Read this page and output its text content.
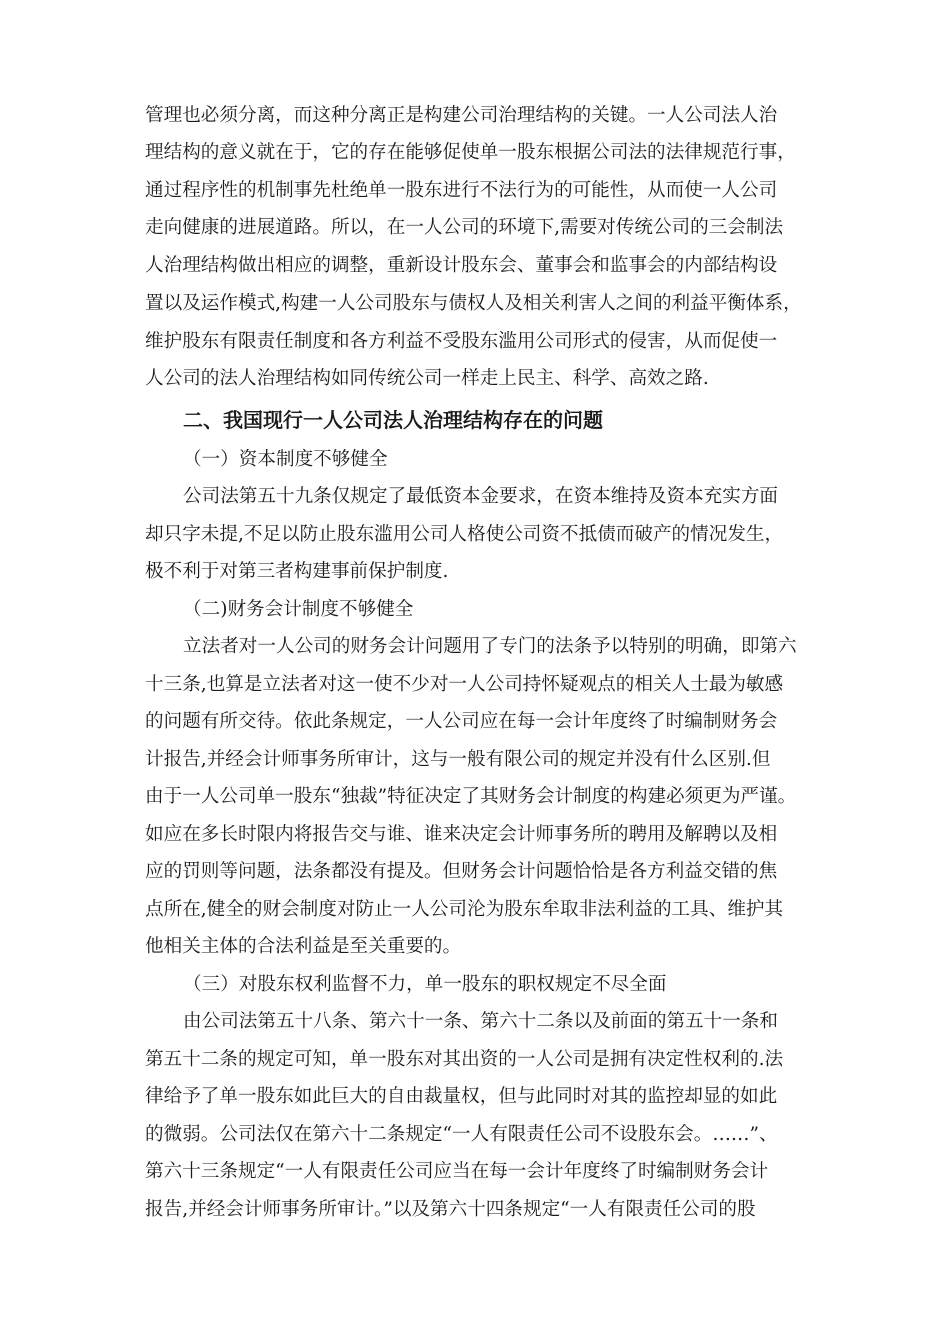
管理也必须分离，而这种分离正是构建公司治理结构的关键。一人公司法人治
理结构的意义就在于，它的存在能够促使单一股东根据公司法的法律规范行事，
通过程序性的机制事先杜绝单一股东进行不法行为的可能性，从而使一人公司
走向健康的进展道路。所以，在一人公司的环境下,需要对传统公司的三会制法
人治理结构做出相应的调整，重新设计股东会、董事会和监事会的内部结构设
置以及运作模式,构建一人公司股东与债权人及相关利害人之间的利益平衡体系，
维护股东有限责任制度和各方利益不受股东滥用公司形式的侵害，从而促使一
人公司的法人治理结构如同传统公司一样走上民主、科学、高效之路.
二、我国现行一人公司法人治理结构存在的问题
（一）资本制度不够健全
公司法第五十九条仅规定了最低资本金要求，在资本维持及资本充实方面
却只字未提,不足以防止股东滥用公司人格使公司资不抵债而破产的情况发生，
极不利于对第三者构建事前保护制度.
（二)财务会计制度不够健全
立法者对一人公司的财务会计问题用了专门的法条予以特别的明确，即第六
十三条,也算是立法者对这一使不少对一人公司持怀疑观点的相关人士最为敏感
的问题有所交待。依此条规定，一人公司应在每一会计年度终了时编制财务会
计报告,并经会计师事务所审计，这与一般有限公司的规定并没有什么区别.但
由于一人公司单一股东“独裁”特征决定了其财务会计制度的构建必须更为严谨。
如应在多长时限内将报告交与谁、谁来决定会计师事务所的聘用及解聘以及相
应的罚则等问题，法条都没有提及。但财务会计问题恰恰是各方利益交错的焦
点所在,健全的财会制度对防止一人公司沦为股东牟取非法利益的工具、维护其
他相关主体的合法利益是至关重要的。
（三）对股东权利监督不力，单一股东的职权规定不尽全面
由公司法第五十八条、第六十一条、第六十二条以及前面的第五十一条和
第五十二条的规定可知，单一股东对其出资的一人公司是拥有决定性权利的.法
律给予了单一股东如此巨大的自由裁量权，但与此同时对其的监控却显的如此
的微弱。公司法仅在第六十二条规定“一人有限责任公司不设股东会。……”、
第六十三条规定“一人有限责任公司应当在每一会计年度终了时编制财务会计
报告,并经会计师事务所审计。”以及第六十四条规定“一人有限责任公司的股
